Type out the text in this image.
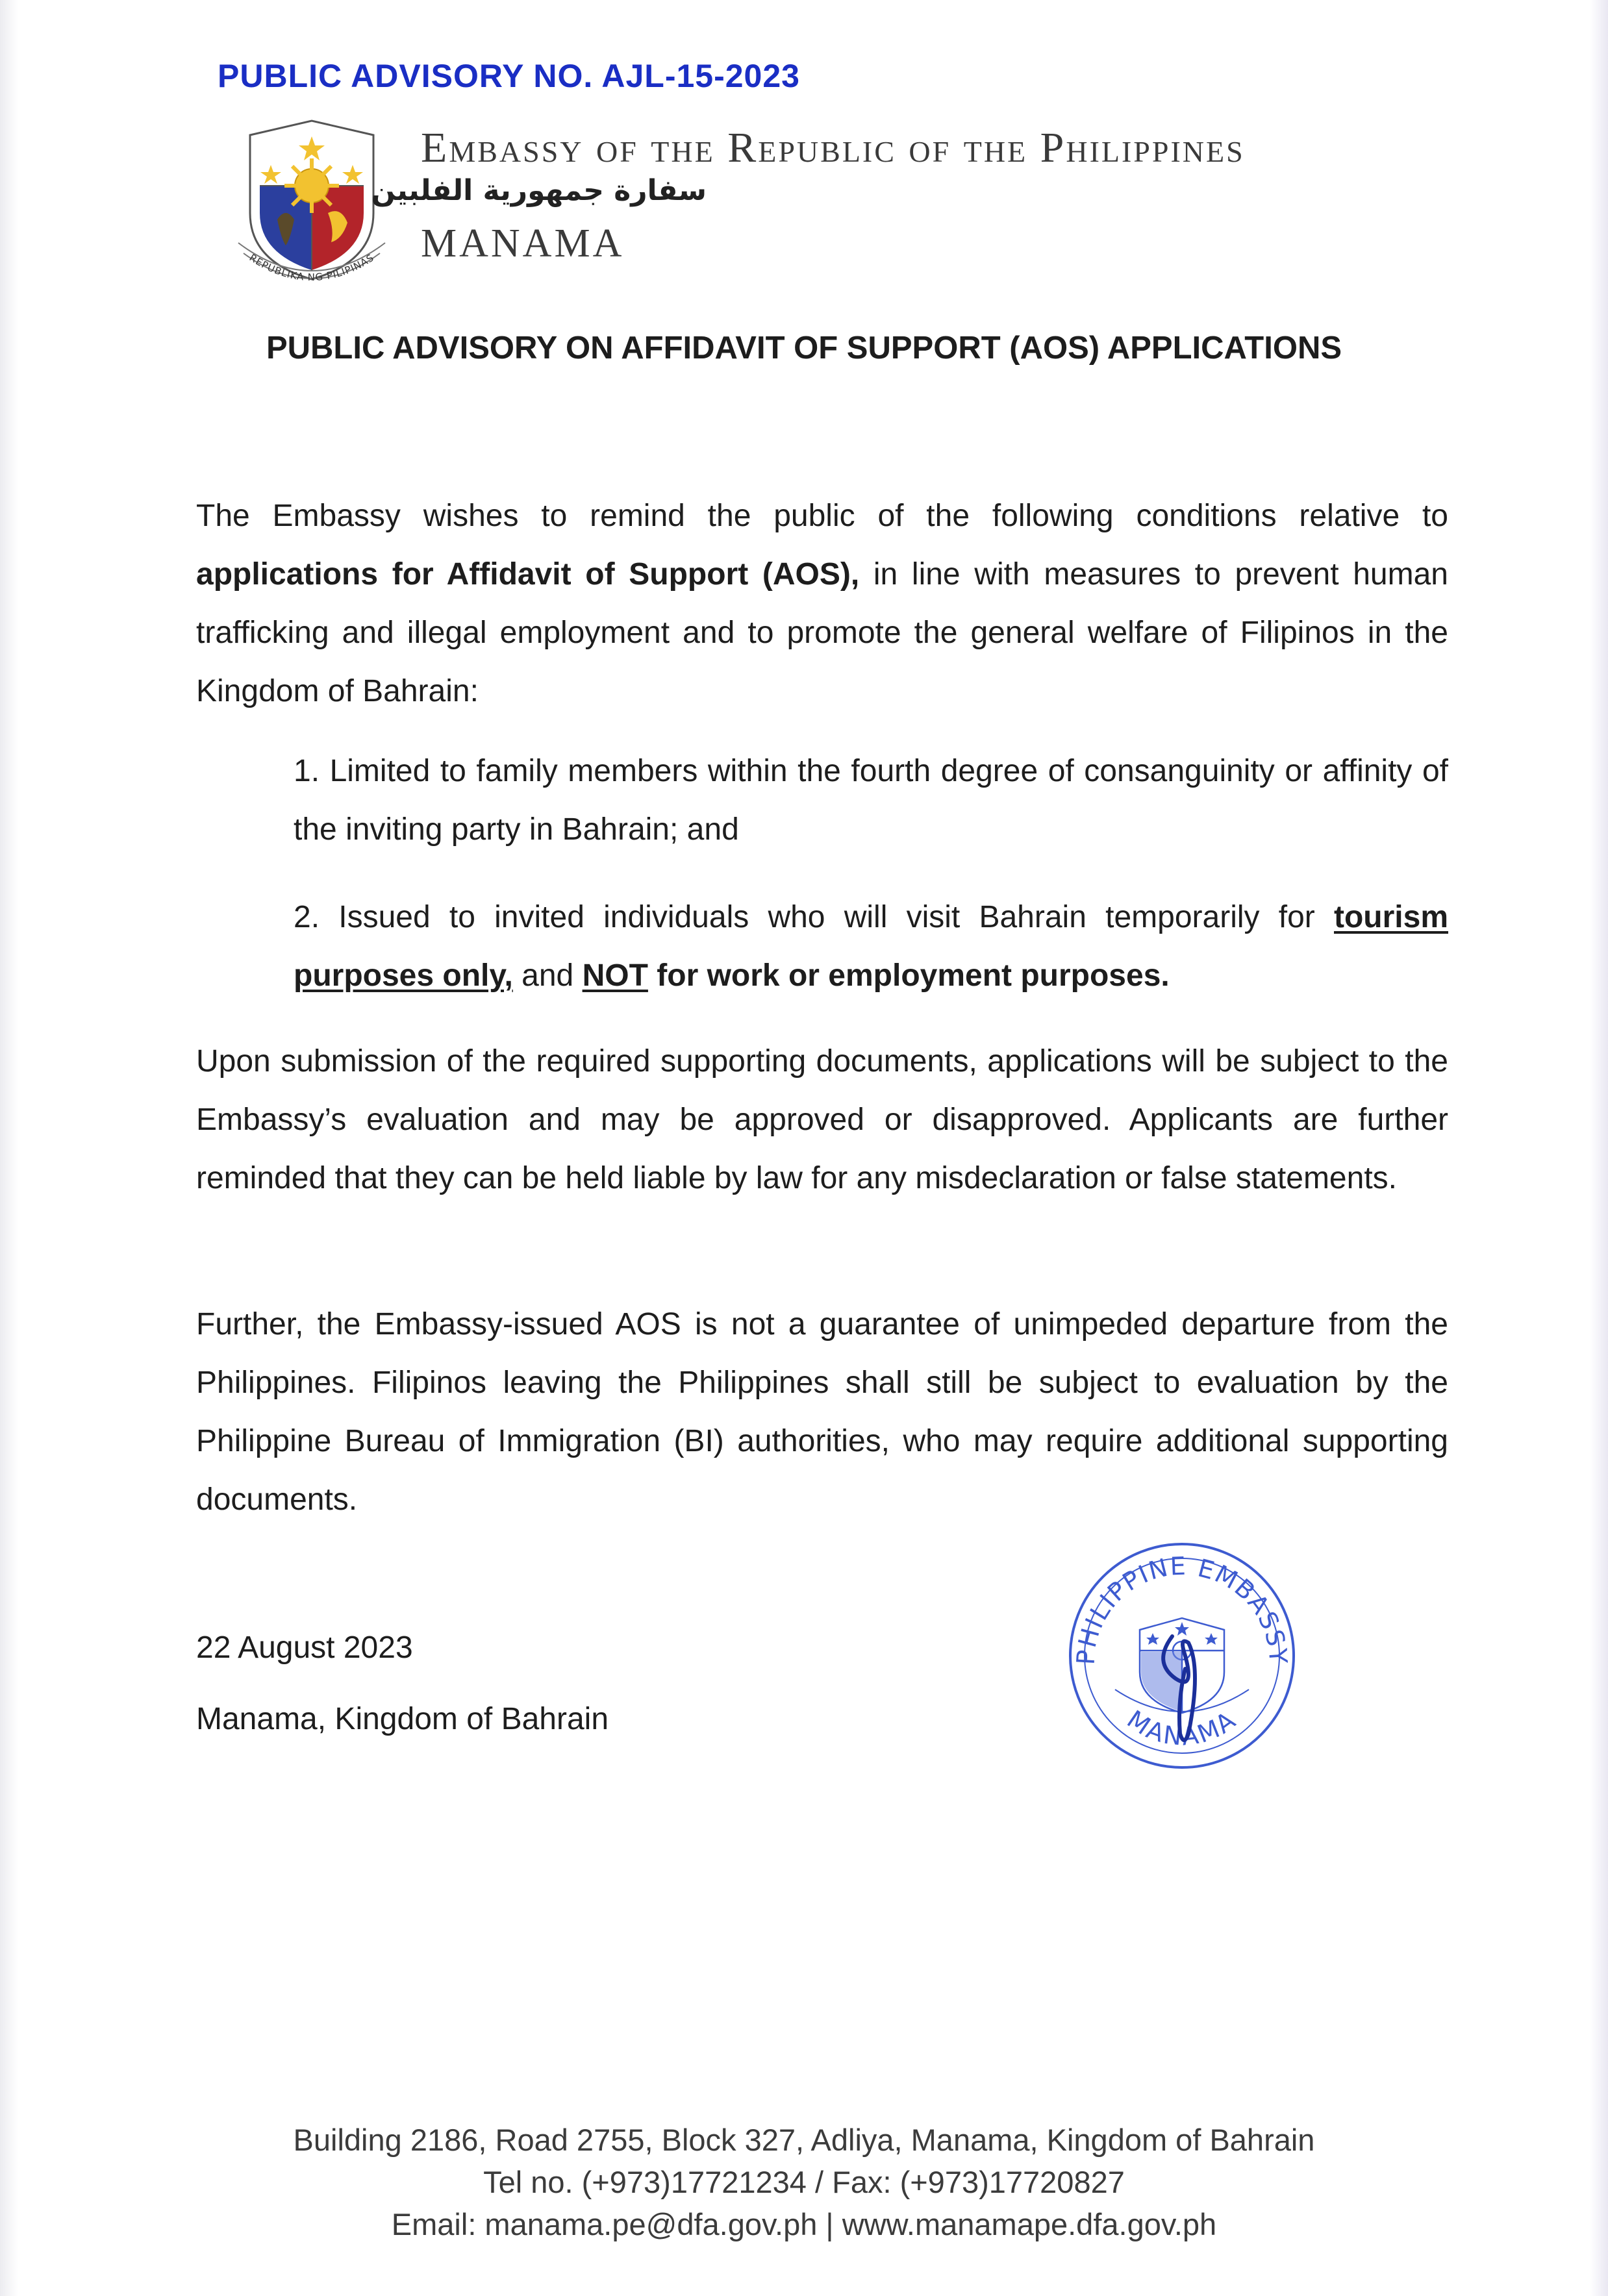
PUBLIC ADVISORY NO. AJL-15-2023
REPUBLIKA NG PILIPINAS
Embassy of the Republic of the Philippines
سفارة جمهورية الفلبين
MANAMA
PUBLIC ADVISORY ON AFFIDAVIT OF SUPPORT (AOS) APPLICATIONS

The Embassy wishes to remind the public of the following conditions relative to applications for Affidavit of Support (AOS), in line with measures to prevent human trafficking and illegal employment and to promote the general welfare of Filipinos in the Kingdom of Bahrain:

1. Limited to family members within the fourth degree of consanguinity or affinity of the inviting party in Bahrain; and

2. Issued to invited individuals who will visit Bahrain temporarily for tourism purposes only, and NOT for work or employment purposes.

Upon submission of the required supporting documents, applications will be subject to the Embassy’s evaluation and may be approved or disapproved. Applicants are further reminded that they can be held liable by law for any misdeclaration or false statements.

Further, the Embassy-issued AOS is not a guarantee of unimpeded departure from the Philippines. Filipinos leaving the Philippines shall still be subject to evaluation by the Philippine Bureau of Immigration (BI) authorities, who may require additional supporting documents.

22 August 2023
Manama, Kingdom of Bahrain
PHILIPPINE EMBASSY
MANAMA
Building 2186, Road 2755, Block 327, Adliya, Manama, Kingdom of Bahrain
Tel no. (+973)17721234 / Fax: (+973)17720827
Email: manama.pe@dfa.gov.ph | www.manamape.dfa.gov.ph
